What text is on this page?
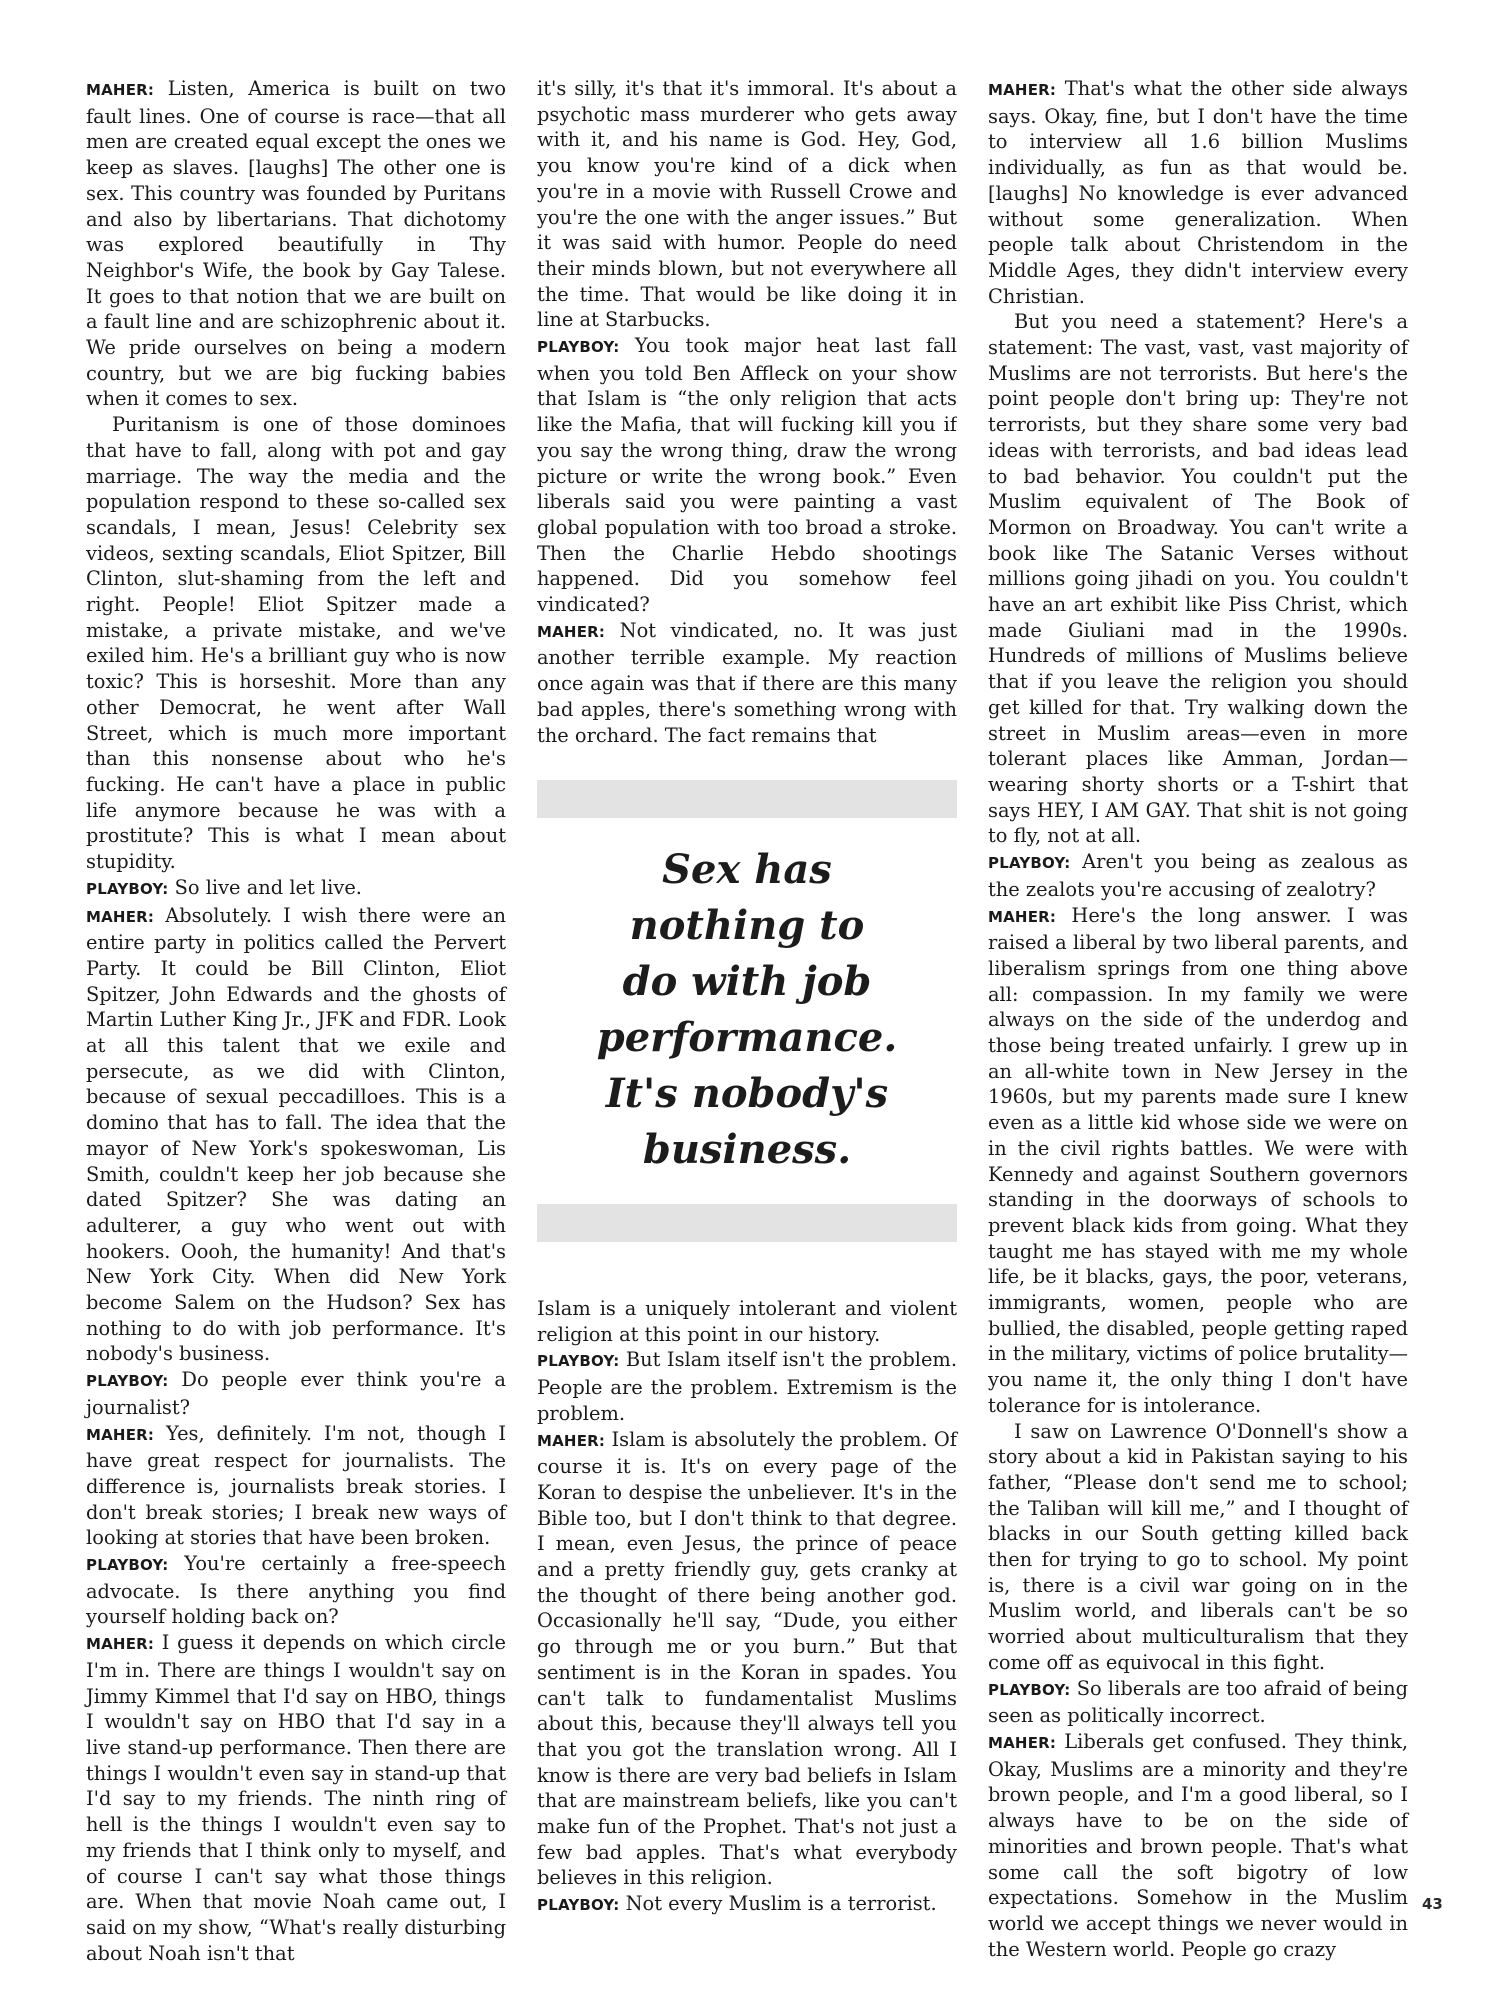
MAHER: Listen, America is built on two fault lines. One of course is race—that all men are created equal except the ones we keep as slaves. [laughs] The other one is sex. This country was founded by Puritans and also by libertarians. That dichotomy was explored beautifully in Thy Neighbor's Wife, the book by Gay Talese. It goes to that notion that we are built on a fault line and are schizophrenic about it. We pride ourselves on being a modern country, but we are big fucking babies when it comes to sex.

Puritanism is one of those dominoes that have to fall, along with pot and gay marriage. The way the media and the population respond to these so-called sex scandals, I mean, Jesus! Celebrity sex videos, sexting scandals, Eliot Spitzer, Bill Clinton, slut-shaming from the left and right. People! Eliot Spitzer made a mistake, a private mistake, and we've exiled him. He's a brilliant guy who is now toxic? This is horseshit. More than any other Democrat, he went after Wall Street, which is much more important than this nonsense about who he's fucking. He can't have a place in public life anymore because he was with a prostitute? This is what I mean about stupidity.

PLAYBOY: So live and let live.

MAHER: Absolutely. I wish there were an entire party in politics called the Pervert Party. It could be Bill Clinton, Eliot Spitzer, John Edwards and the ghosts of Martin Luther King Jr., JFK and FDR. Look at all this talent that we exile and persecute, as we did with Clinton, because of sexual peccadilloes. This is a domino that has to fall. The idea that the mayor of New York's spokeswoman, Lis Smith, couldn't keep her job because she dated Spitzer? She was dating an adulterer, a guy who went out with hookers. Oooh, the humanity! And that's New York City. When did New York become Salem on the Hudson? Sex has nothing to do with job performance. It's nobody's business.

PLAYBOY: Do people ever think you're a journalist?

MAHER: Yes, definitely. I'm not, though I have great respect for journalists. The difference is, journalists break stories. I don't break stories; I break new ways of looking at stories that have been broken.

PLAYBOY: You're certainly a free-speech advocate. Is there anything you find yourself holding back on?

MAHER: I guess it depends on which circle I'm in. There are things I wouldn't say on Jimmy Kimmel that I'd say on HBO, things I wouldn't say on HBO that I'd say in a live stand-up performance. Then there are things I wouldn't even say in stand-up that I'd say to my friends. The ninth ring of hell is the things I wouldn't even say to my friends that I think only to myself, and of course I can't say what those things are. When that movie Noah came out, I said on my show, “What's really disturbing about Noah isn't that

it's silly, it's that it's immoral. It's about a psychotic mass murderer who gets away with it, and his name is God. Hey, God, you know you're kind of a dick when you're in a movie with Russell Crowe and you're the one with the anger issues.” But it was said with humor. People do need their minds blown, but not everywhere all the time. That would be like doing it in line at Starbucks.

PLAYBOY: You took major heat last fall when you told Ben Affleck on your show that Islam is “the only religion that acts like the Mafia, that will fucking kill you if you say the wrong thing, draw the wrong picture or write the wrong book.” Even liberals said you were painting a vast global population with too broad a stroke. Then the Charlie Hebdo shootings happened. Did you somehow feel vindicated?

MAHER: Not vindicated, no. It was just another terrible example. My reaction once again was that if there are this many bad apples, there's something wrong with the orchard. The fact remains that

Sex has
nothing to
do with job
performance.
It's nobody's
business.

Islam is a uniquely intolerant and violent religion at this point in our history.

PLAYBOY: But Islam itself isn't the problem. People are the problem. Extremism is the problem.

MAHER: Islam is absolutely the problem. Of course it is. It's on every page of the Koran to despise the unbeliever. It's in the Bible too, but I don't think to that degree. I mean, even Jesus, the prince of peace and a pretty friendly guy, gets cranky at the thought of there being another god. Occasionally he'll say, “Dude, you either go through me or you burn.” But that sentiment is in the Koran in spades. You can't talk to fundamentalist Muslims about this, because they'll always tell you that you got the translation wrong. All I know is there are very bad beliefs in Islam that are mainstream beliefs, like you can't make fun of the Prophet. That's not just a few bad apples. That's what everybody believes in this religion.

PLAYBOY: Not every Muslim is a terrorist.

MAHER: That's what the other side always says. Okay, fine, but I don't have the time to interview all 1.6 billion Muslims individually, as fun as that would be. [laughs] No knowledge is ever advanced without some generalization. When people talk about Christendom in the Middle Ages, they didn't interview every Christian.

But you need a statement? Here's a statement: The vast, vast, vast majority of Muslims are not terrorists. But here's the point people don't bring up: They're not terrorists, but they share some very bad ideas with terrorists, and bad ideas lead to bad behavior. You couldn't put the Muslim equivalent of The Book of Mormon on Broadway. You can't write a book like The Satanic Verses without millions going jihadi on you. You couldn't have an art exhibit like Piss Christ, which made Giuliani mad in the 1990s. Hundreds of millions of Muslims believe that if you leave the religion you should get killed for that. Try walking down the street in Muslim areas—even in more tolerant places like Amman, Jordan—wearing shorty shorts or a T-shirt that says HEY, I AM GAY. That shit is not going to fly, not at all.

PLAYBOY: Aren't you being as zealous as the zealots you're accusing of zealotry?

MAHER: Here's the long answer. I was raised a liberal by two liberal parents, and liberalism springs from one thing above all: compassion. In my family we were always on the side of the underdog and those being treated unfairly. I grew up in an all-white town in New Jersey in the 1960s, but my parents made sure I knew even as a little kid whose side we were on in the civil rights battles. We were with Kennedy and against Southern governors standing in the doorways of schools to prevent black kids from going. What they taught me has stayed with me my whole life, be it blacks, gays, the poor, veterans, immigrants, women, people who are bullied, the disabled, people getting raped in the military, victims of police brutality—you name it, the only thing I don't have tolerance for is intolerance.

I saw on Lawrence O'Donnell's show a story about a kid in Pakistan saying to his father, “Please don't send me to school; the Taliban will kill me,” and I thought of blacks in our South getting killed back then for trying to go to school. My point is, there is a civil war going on in the Muslim world, and liberals can't be so worried about multiculturalism that they come off as equivocal in this fight.

PLAYBOY: So liberals are too afraid of being seen as politically incorrect.

MAHER: Liberals get confused. They think, Okay, Muslims are a minority and they're brown people, and I'm a good liberal, so I always have to be on the side of minorities and brown people. That's what some call the soft bigotry of low expectations. Somehow in the Muslim world we accept things we never would in the Western world. People go crazy

43
